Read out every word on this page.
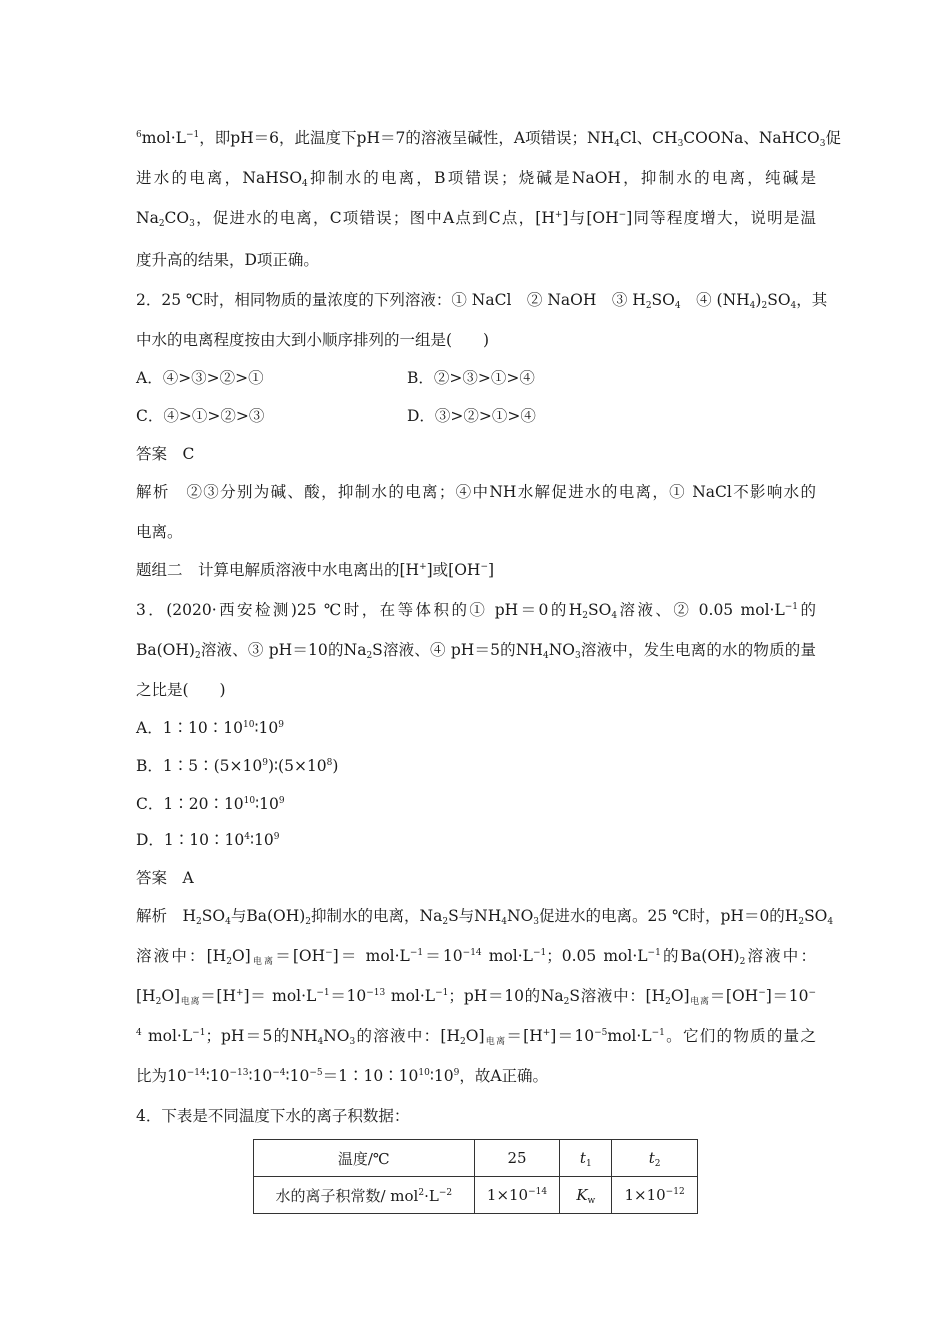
$^6mol\cdot L^{-1}$，即pH＝6，此温度下pH＝7的溶液呈碱性，A项错误；$NH_4Cl$、$CH_3COONa$、NaHCO$_3$促
进水的电离，NaHSO$_4$抑制水的电离，B项错误；烧碱是NaOH，抑制水的电离，纯碱是
$Na_2CO_3$，促进水的电离，C项错误；图中A点到C点，[H+]与[OH−]同等程度增大，说明是温
度升高的结果，D项正确。
2．25 ℃时，相同物质的量浓度的下列溶液：① NaCl　② NaOH　③ $H_2SO_4$　④ $(NH_4)_2SO_4$，其
中水的电离程度按由大到小顺序排列的一组是(　　)
答案　C
解析　②③分别为碱、酸，抑制水的电离；④中NH水解促进水的电离，① NaCl不影响水的
电离。
题组二　计算电解质溶液中水电离出的[H+]或[OH−]
3．(2020·西安检测)25 ℃时，在等体积的① pH＝0的$H_2SO_4$溶液、② 0.05 $mol\cdot L^{-1}$的
$Ba(OH)_2$溶液、③ pH＝10的$Na_2S$溶液、④ pH＝5的$NH_4NO_3$溶液中，发生电离的水的物质的量
之比是(　　)
A．$1∶10∶10^{10}∶10^9$
B．$1∶5∶(5\times 10^9)∶(5\times 10^8)$
C．$1∶20∶10^{10}∶10^9$
D．$1∶10∶10^4∶10^9$
答案　A
解析　$H_2SO_4$与$Ba(OH)_2$抑制水的电离，$Na_2S$与$NH_4NO_3$促进水的电离。25 ℃时，pH＝0的$H_2SO_4$
溶液中：$[H_2O]_{电离}=[OH^-]= mol\cdot L^{-1}=10^{-14}$ $mol\cdot L^{-1}$；0.05 $mol\cdot L^{-1}$的$Ba(OH)_2$溶液中：
$[H_2O]_{电离}=[H^+]= mol\cdot L^{-1}=10^{-13}$ $mol\cdot L^{-1}$；pH＝10的$Na_2S$溶液中：$[H_2O]_{电离}=[OH^-]=10^-$
$^4$ $mol\cdot L^{-1}$；pH＝5的$NH_4NO_3$的溶液中：$[H_2O]_{电离}=[H^+]=10^{-5}mol\cdot L^{-1}$。它们的物质的量之
比为$10^{-14}∶10^{-13}∶10^{-4}∶10^{-5}=1∶10∶10^{10}∶10^9$，故A正确。
4．下表是不同温度下水的离子积数据：
A．④>③>②>①	B．②>③>①>④
C．④>①>②>③	D．③>②>①>④
温度/℃	25	$t_1$	$t_2$
水的离子积常数/ $mol^2\cdot L^{-2}$	$1\times 10^{-14}$	$K_w$	$1\times 10^{-12}$
